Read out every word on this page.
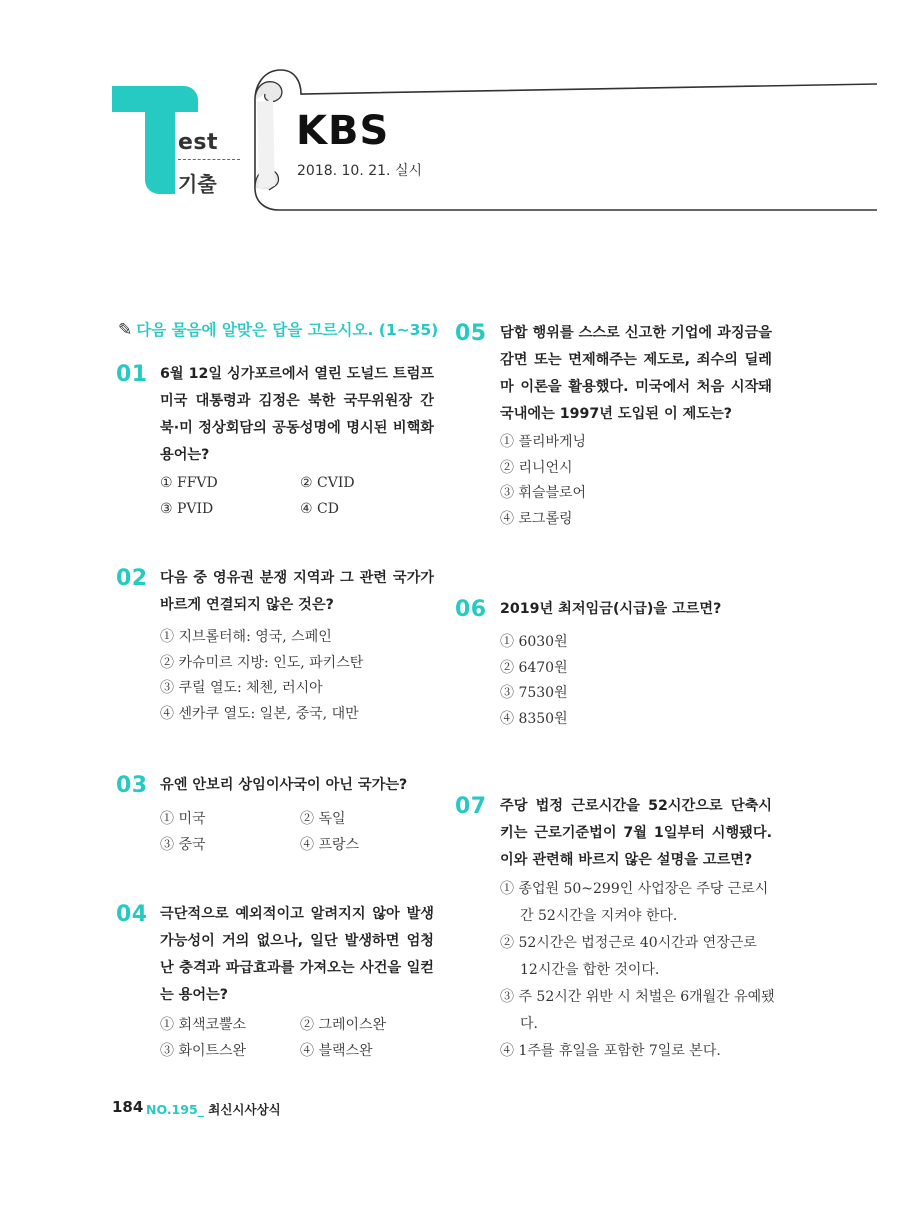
est
기출
KBS
2018. 10. 21. 실시
✎ 다음 물음에 알맞은 답을 고르시오. (1~35)
01 6월 12일 싱가포르에서 열린 도널드 트럼프 미국 대통령과 김정은 북한 국무위원장 간 북·미 정상회담의 공동성명에 명시된 비핵화 용어는?
① FFVD	② CVID
③ PVID	④ CD
02 다음 중 영유권 분쟁 지역과 그 관련 국가가 바르게 연결되지 않은 것은?
① 지브롤터해: 영국, 스페인
② 카슈미르 지방: 인도, 파키스탄
③ 쿠릴 열도: 체첸, 러시아
④ 센카쿠 열도: 일본, 중국, 대만
03 유엔 안보리 상임이사국이 아닌 국가는?
① 미국	② 독일
③ 중국	④ 프랑스
04 극단적으로 예외적이고 알려지지 않아 발생 가능성이 거의 없으나, 일단 발생하면 엄청난 충격과 파급효과를 가져오는 사건을 일컫는 용어는?
① 회색코뿔소	② 그레이스완
③ 화이트스완	④ 블랙스완
05 담합 행위를 스스로 신고한 기업에 과징금을 감면 또는 면제해주는 제도로, 죄수의 딜레마 이론을 활용했다. 미국에서 처음 시작돼 국내에는 1997년 도입된 이 제도는?
① 플리바게닝
② 리니언시
③ 휘슬블로어
④ 로그롤링
06 2019년 최저임금(시급)을 고르면?
① 6030원
② 6470원
③ 7530원
④ 8350원
07 주당 법정 근로시간을 52시간으로 단축시키는 근로기준법이 7월 1일부터 시행됐다. 이와 관련해 바르지 않은 설명을 고르면?
① 종업원 50~299인 사업장은 주당 근로시간 52시간을 지켜야 한다.
② 52시간은 법정근로 40시간과 연장근로 12시간을 합한 것이다.
③ 주 52시간 위반 시 처벌은 6개월간 유예됐다.
④ 1주를 휴일을 포함한 7일로 본다.
184 NO.195_ 최신시사상식
